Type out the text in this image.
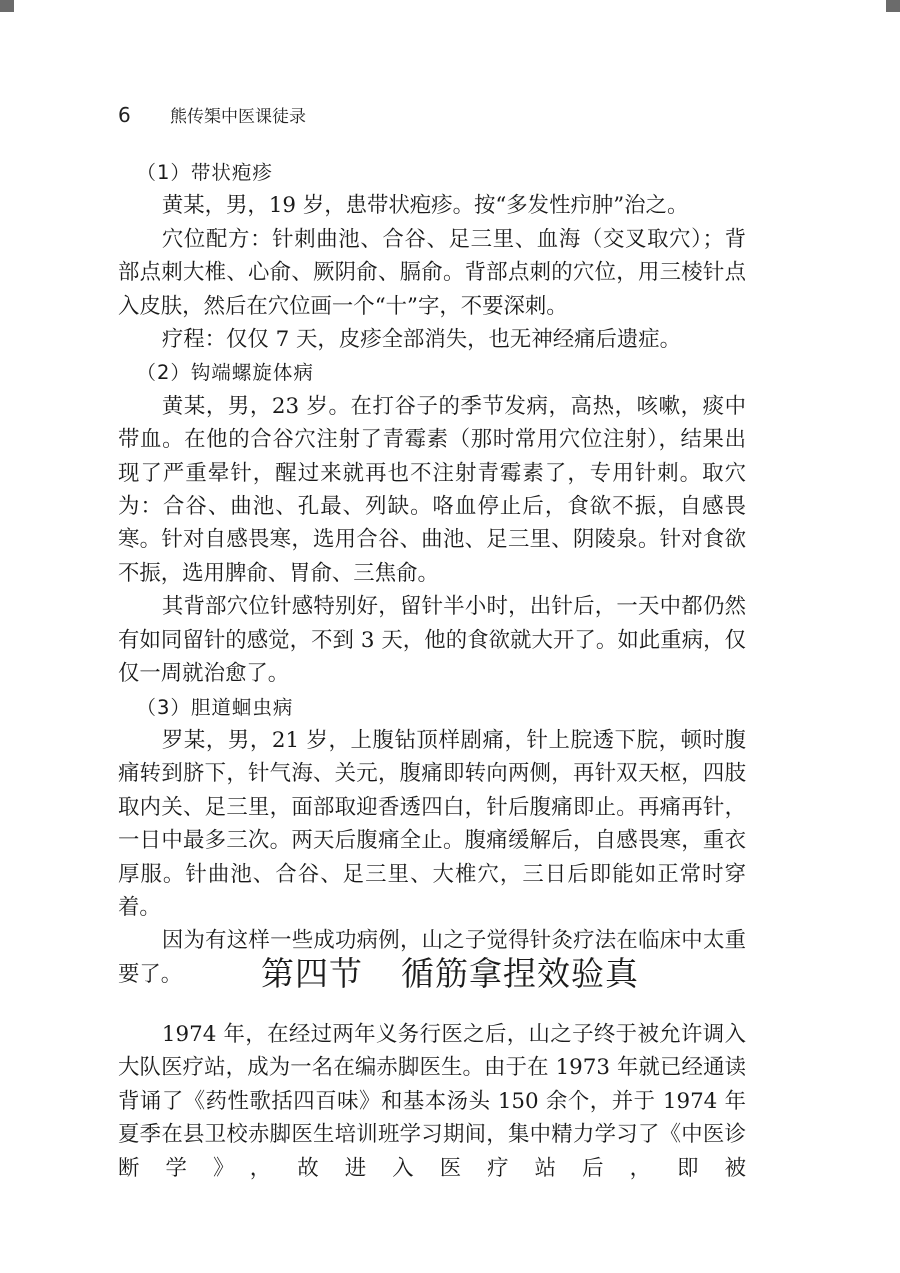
6 熊传榘中医课徒录

（1）带状疱疹

黄某，男，19 岁，患带状疱疹。按“多发性疖肿”治之。

穴位配方：针刺曲池、合谷、足三里、血海（交叉取穴）；背部点刺大椎、心俞、厥阴俞、膈俞。背部点刺的穴位，用三棱针点入皮肤，然后在穴位画一个“十”字，不要深刺。

疗程：仅仅 7 天，皮疹全部消失，也无神经痛后遗症。

（2）钩端螺旋体病

黄某，男，23 岁。在打谷子的季节发病，高热，咳嗽，痰中带血。在他的合谷穴注射了青霉素（那时常用穴位注射），结果出现了严重晕针，醒过来就再也不注射青霉素了，专用针刺。取穴为：合谷、曲池、孔最、列缺。咯血停止后，食欲不振，自感畏寒。针对自感畏寒，选用合谷、曲池、足三里、阴陵泉。针对食欲不振，选用脾俞、胃俞、三焦俞。

其背部穴位针感特别好，留针半小时，出针后，一天中都仍然有如同留针的感觉，不到 3 天，他的食欲就大开了。如此重病，仅仅一周就治愈了。

（3）胆道蛔虫病

罗某，男，21 岁，上腹钻顶样剧痛，针上脘透下脘，顿时腹痛转到脐下，针气海、关元，腹痛即转向两侧，再针双天枢，四肢取内关、足三里，面部取迎香透四白，针后腹痛即止。再痛再针，一日中最多三次。两天后腹痛全止。腹痛缓解后，自感畏寒，重衣厚服。针曲池、合谷、足三里、大椎穴，三日后即能如正常时穿着。

因为有这样一些成功病例，山之子觉得针灸疗法在临床中太重要了。	第四节 循筋拿捏效验真

1974 年，在经过两年义务行医之后，山之子终于被允许调入大队医疗站，成为一名在编赤脚医生。由于在 1973 年就已经通读背诵了《药性歌括四百味》和基本汤头 150 余个，并于 1974 年夏季在县卫校赤脚医生培训班学习期间，集中精力学习了《中医诊断学》，故进入医疗站后，即被
